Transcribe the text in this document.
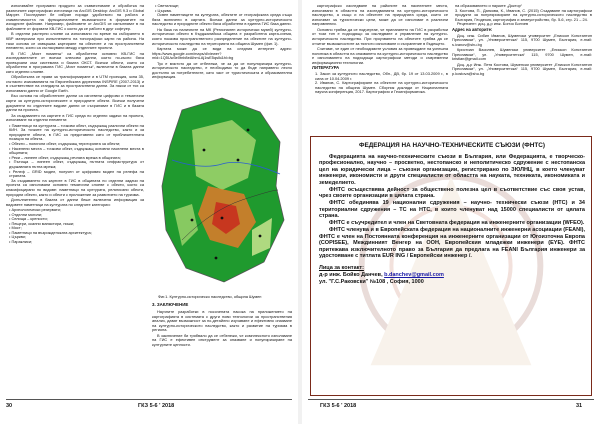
използвайте програмни продукти за съвместяване и обработка на различните картографски източници на ArcGIS Desktop: ArcGIS 9.3 и Global Mapper. Последният бе избран поради удобството на работа и съвместимостта на функционалните възможности в форматите на изходните файлове. Например, файловете от ArcGIS се изпълняват в на файловете от формати КВ-ГИС с които да се работи в друг софтуер.

В отделни растерни слоеве са използвани по време на събирането в КВР материали при изпълнението на топографски карти на района. На тази основа се извършва картиране на обектите и на пространствени елементи, които са съгласувани между отделните проекти.

В ГИС „Моят поминък“ са обработени основни КВ-ГИС на изследователите от всички ключови данни, които по-късно бяха привързани към системата и базата ОКСТ. Всички обекти, които са обработени в програмата ГИС „Моят поминък“, включени в базата данни като отделни слоеве.

Обработката се прави за трансформиране и в UTM проекция, зона 35, съгласно изискванията на Европейската директива INSPIRE (2007-2013) и в съответствие на стандарта за пространствени данни. За някои от тях са използвани данни от Google Earth.

Въз основа на обработените данни са изготвени цифрови и тематични карти за културно-историческите и природните обекти. Всички получени документи по отделните видове данни се съхраняват в ГИС и в базата данни на проекта.

За създаването на картите в ГИС среда по отделни задачи на проекта, използване на отделни елементи:

• Паметници на културата – точкови обект, съдържащ различни обекти на КИН. За точките на културно-историческото наследство, както и за природните обекти, в ГИС са представени като от приблизителната позиция на обекта.

• Обекти – полигони обект, съдържащ територията за обекти;

• Населени места – точкови обект, съдържащ основни населени места в общината;

• Реки – линеен обект, съдържащ речната мрежа в общината;

• Пътища – линеен обект, съдържащ пътната инфраструктура от държавната пътна мрежа;

• Релеф – GRID модел, получен от цифровия модел на релефа на страната.

За създаването на картите в ГИС в общината по отделни задачи на проекта са използвани основни тематични слоеве с обекти, които са класифицирани по видове: паметници на културата, религиозни обекти, природни обекти, както и обекти с приложение за развитието на туризма.

Допълнително в базата от данни беше включена информация за видовете паметници на културата по следните категории:

• Археологически резервати;

• Отделни могили;

• Селища – крепости;

• Пещери, скални манастири, ниши;

• Мост;

• Паметници на възрожденската архитектура;

• Църкви;

• Параклиси;

• Светилище;

• Църква.

Освен паметниците на културата, обектите от географската среда също бяха включени в картата. Всички данни за културно-историческото наследство и природните обекти бяха обработени в единна ГИС база данни.

На база на наличните на МК (Регионален исторически музей) културно-исторически обекти в Кърджалийска община е разработена карта-схема, която показва пространственото разпределение на обектите на културно-историческото наследство на територията на община Шумен (фиг. 1).

Картата може да се види на следния интернет адрес: https://www.google.com/maps/d/viewer?mid=1Q5Uw3e0tnb8eAlhmLAj1wE5qsIk&hl=bg

Тук е мястото да се отбележи, че за да се популяризира културно-историческото наследство, е необходимо то да бъде направено лесно достъпно за потребителите, като част от туристическата и образователна информация.

Фиг.1. Културно-историческо наследство, община Шумен
3. ЗАКЛЮЧЕНИЕ

Научните разработки в посочената насока на приложението на картографията в системата с други нови технологии за пространствения анализ, дават възможност за по-детайлно изучаване и ефективно опазване на културно-историческото наследство, както и развитие на туризма в региона.

В заключение би трябвало да се отбележи, че комплексното използване на ГИС е ефективен инструмент за опазване и популяризиране на културните ценности.

30	ГКЗ 5-6 ' 2018

картографско изследване на районите на населените места, използвани в областта на изследванията на културно-историческото наследство, а също и на обектите на природната среда, които се използват за туристически цели, може да се използват в различни направления.

Основно трябва да се подчертае, че прилагането на ГИС в разработки от този тип е подходящо за изследване и управление на културно-историческото наследство. При проучването на обектите трябва да се отчитат възможностите за тяхното използване и съхранение в бъдещето.

Считаме, че един от необходимите условия за провеждане на успешна политика в областта на опазването на културно-историческото наследство е използването на подходящи картографски методи и съвременни информационни технологии.

ЛИТЕРАТУРА

1. Закон за културното наследство, Обн., ДВ, бр. 19 от 13.03.2009 г., в сила от 10.04.2009 г.

2. Иванов, С. Картографиране на обектите на културно-историческото наследство на община Шумен. Сборник доклади от Националната научна конференция, 2017. Картография и Геоинформатика.

на образованието и науките „Доктор“

3. Костова, П., Данкова, К., Иванов, С. (2015) Създаване на картографски продукти за популяризиране на културно-историческото наследство в България, Геодезия, картография и земеустройство, бр. 5-6, стр. 21 – 24.

Рецензент: доц. д-р инж. Бончо Бончев

Адрес на авторите:

Доц. инж. Сибин Иванов, Шуменски университет „Епископ Константин Преславски“, ул. „Университетска“ 115, 9700 Шумен, България, e-mail: s.ivanov@shu.bg

Кристиан Василев, Шуменски университет „Епископ Константин Преславски“, ул. „Университетска“ 115, 9700 Шумен, e-mail: kristian@gmail.com

Доц. д-р Инж. Петя Костова, Шуменски университет „Епископ Константин Преславски“, ул. „Университетска“ 115, 9700 Шумен, България, e-mail: p.kostova@shu.bg

ФЕДЕРАЦИЯ НА НАУЧНО-ТЕХНИЧЕСКИТЕ СЪЮЗИ (ФНТС)

Федерацията на научно-техническите съюзи в България, или Федерацията, е творческо-професионално, научно – просветно, нестопанско и неполитическо сдружение с нестопанска цел на юридически лица – съюзни организации, регистрирано по ЗЮЛНЦ, в което членуват инженери, икономисти и други специалисти от областта на науката, техниката, икономиката и земеделието.

ФНТС осъществява дейност за обществено полезна цел в съответствие със своя устав, чрез своите организации в цялата страна.

ФНТС обединява 19 национални сдружения – научно- технически съюзи (НТС) и 34 териториални сдружения – ТС на НТС, в които членуват над 15000 специалисти от цялата страна.

ФНТС е съучредител и член на Световната федерация на инженерните организации (WFEO).

ФНТС членува и в Европейската федерация на националните инженерни асоциации (FEANI), ФНТС е член на Постоянната конференция на инженерните организации от Югоизточна Европа (COPISEE), Междинният Венгер на ООН, Европейския младежки инженери (EYE). ФНТС притежава изключителното право за България да предлага на FEANI България инженери за удостояване с титлата EUR ING / Европейски инженер /.

Лица за контакт:

д-р инж. Бойко Данчев, b.danchev@gmail.com

ул. "Г.С.Раковски" №108 , София, 1000

ГКЗ 5-6 ' 2018	31
